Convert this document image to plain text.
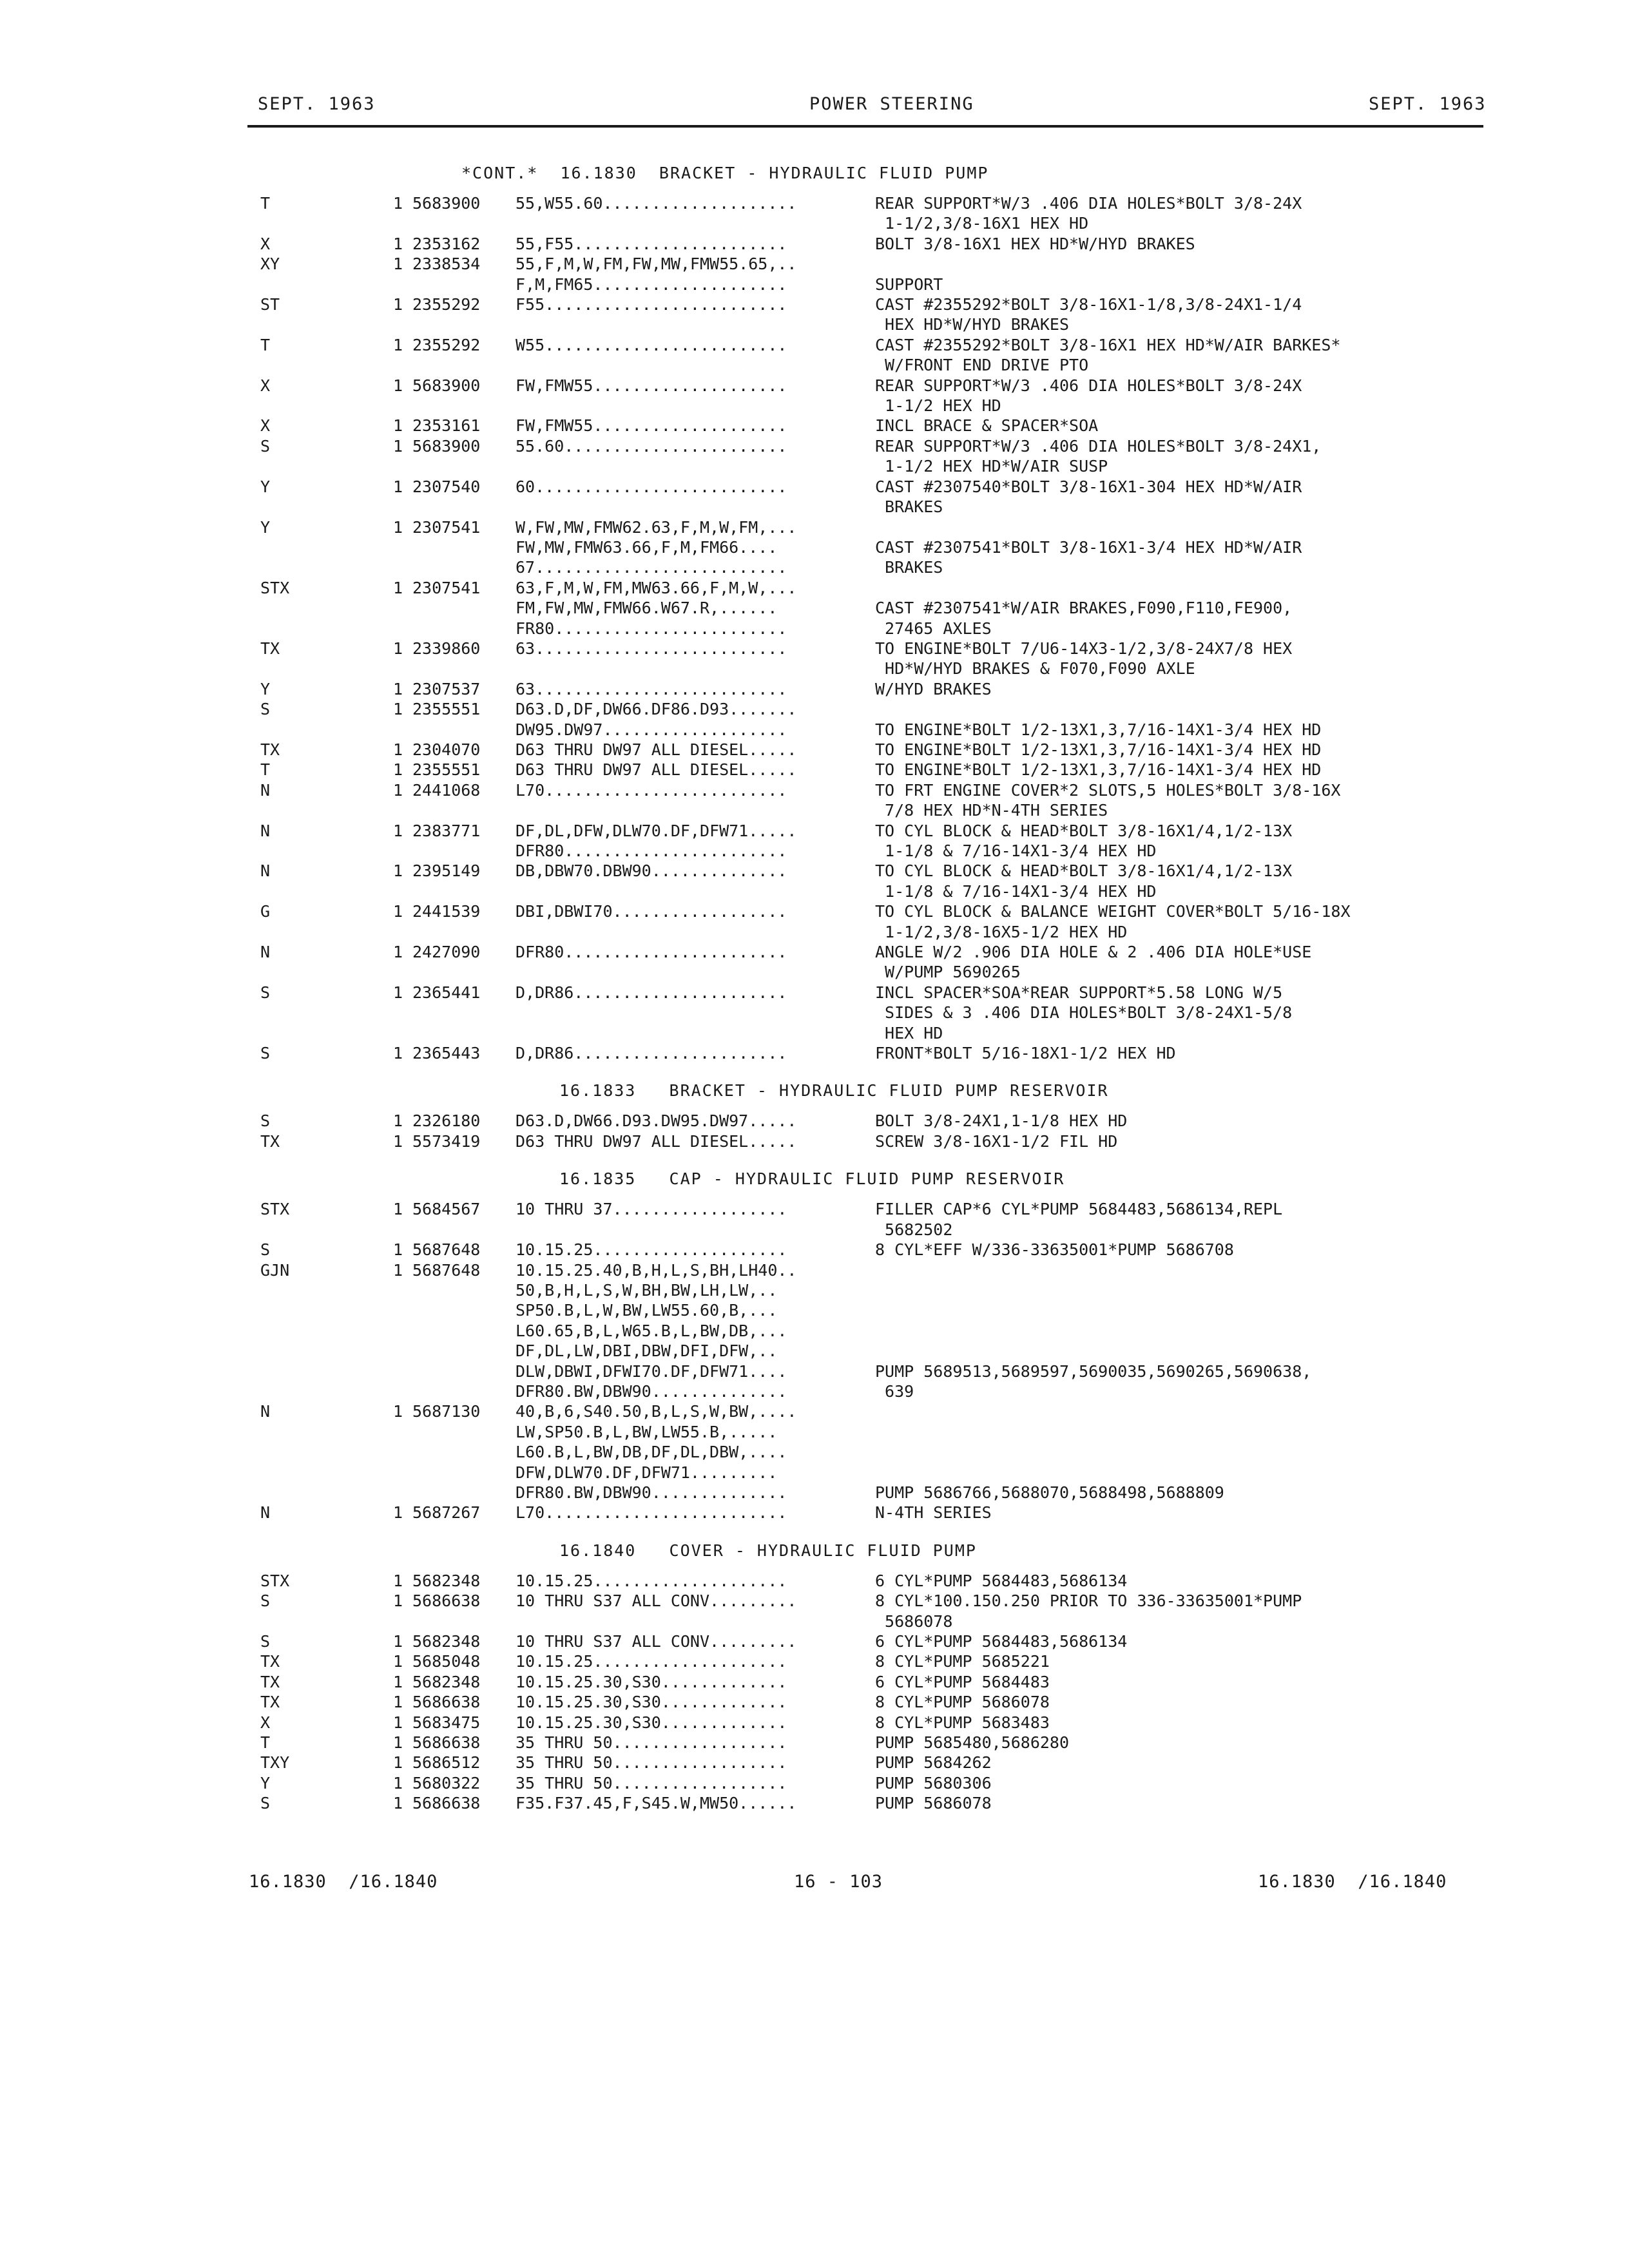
SEPT. 1963	POWER STEERING	SEPT. 1963
*CONT.*  16.1830  BRACKET - HYDRAULIC FLUID PUMP
T	1 5683900	55,W55.60....................	REAR SUPPORT*W/3 .406 DIA HOLES*BOLT 3/8-24X
1-1/2,3/8-16X1 HEX HD
X	1 2353162	55,F55......................	BOLT 3/8-16X1 HEX HD*W/HYD BRAKES
XY	1 2338534	55,F,M,W,FM,FW,MW,FMW55.65,..
F,M,FM65....................	SUPPORT
ST	1 2355292	F55.........................	CAST #2355292*BOLT 3/8-16X1-1/8,3/8-24X1-1/4
HEX HD*W/HYD BRAKES
T	1 2355292	W55.........................	CAST #2355292*BOLT 3/8-16X1 HEX HD*W/AIR BARKES*
W/FRONT END DRIVE PTO
X	1 5683900	FW,FMW55....................	REAR SUPPORT*W/3 .406 DIA HOLES*BOLT 3/8-24X
1-1/2 HEX HD
X	1 2353161	FW,FMW55....................	INCL BRACE & SPACER*SOA
S	1 5683900	55.60.......................	REAR SUPPORT*W/3 .406 DIA HOLES*BOLT 3/8-24X1,
1-1/2 HEX HD*W/AIR SUSP
Y	1 2307540	60..........................	CAST #2307540*BOLT 3/8-16X1-304 HEX HD*W/AIR
BRAKES
Y	1 2307541	W,FW,MW,FMW62.63,F,M,W,FM,...
FW,MW,FMW63.66,F,M,FM66....	CAST #2307541*BOLT 3/8-16X1-3/4 HEX HD*W/AIR
67..........................	BRAKES
STX	1 2307541	63,F,M,W,FM,MW63.66,F,M,W,...
FM,FW,MW,FMW66.W67.R,......	CAST #2307541*W/AIR BRAKES,F090,F110,FE900,
FR80........................	27465 AXLES
TX	1 2339860	63..........................	TO ENGINE*BOLT 7/U6-14X3-1/2,3/8-24X7/8 HEX
HD*W/HYD BRAKES & F070,F090 AXLE
Y	1 2307537	63..........................	W/HYD BRAKES
S	1 2355551	D63.D,DF,DW66.DF86.D93.......
DW95.DW97...................	TO ENGINE*BOLT 1/2-13X1,3,7/16-14X1-3/4 HEX HD
TX	1 2304070	D63 THRU DW97 ALL DIESEL.....	TO ENGINE*BOLT 1/2-13X1,3,7/16-14X1-3/4 HEX HD
T	1 2355551	D63 THRU DW97 ALL DIESEL.....	TO ENGINE*BOLT 1/2-13X1,3,7/16-14X1-3/4 HEX HD
N	1 2441068	L70.........................	TO FRT ENGINE COVER*2 SLOTS,5 HOLES*BOLT 3/8-16X
7/8 HEX HD*N-4TH SERIES
N	1 2383771	DF,DL,DFW,DLW70.DF,DFW71.....	TO CYL BLOCK & HEAD*BOLT 3/8-16X1/4,1/2-13X
DFR80.......................	1-1/8 & 7/16-14X1-3/4 HEX HD
N	1 2395149	DB,DBW70.DBW90..............	TO CYL BLOCK & HEAD*BOLT 3/8-16X1/4,1/2-13X
1-1/8 & 7/16-14X1-3/4 HEX HD
G	1 2441539	DBI,DBWI70..................	TO CYL BLOCK & BALANCE WEIGHT COVER*BOLT 5/16-18X
1-1/2,3/8-16X5-1/2 HEX HD
N	1 2427090	DFR80.......................	ANGLE W/2 .906 DIA HOLE & 2 .406 DIA HOLE*USE
W/PUMP 5690265
S	1 2365441	D,DR86......................	INCL SPACER*SOA*REAR SUPPORT*5.58 LONG W/5
SIDES & 3 .406 DIA HOLES*BOLT 3/8-24X1-5/8
HEX HD
S	1 2365443	D,DR86......................	FRONT*BOLT 5/16-18X1-1/2 HEX HD
16.1833   BRACKET - HYDRAULIC FLUID PUMP RESERVOIR
S	1 2326180	D63.D,DW66.D93.DW95.DW97.....	BOLT 3/8-24X1,1-1/8 HEX HD
TX	1 5573419	D63 THRU DW97 ALL DIESEL.....	SCREW 3/8-16X1-1/2 FIL HD
16.1835   CAP - HYDRAULIC FLUID PUMP RESERVOIR
STX	1 5684567	10 THRU 37..................	FILLER CAP*6 CYL*PUMP 5684483,5686134,REPL
5682502
S	1 5687648	10.15.25....................	8 CYL*EFF W/336-33635001*PUMP 5686708
GJN	1 5687648	10.15.25.40,B,H,L,S,BH,LH40..
50,B,H,L,S,W,BH,BW,LH,LW,..
SP50.B,L,W,BW,LW55.60,B,...
L60.65,B,L,W65.B,L,BW,DB,...
DF,DL,LW,DBI,DBW,DFI,DFW,..
DLW,DBWI,DFWI70.DF,DFW71....	PUMP 5689513,5689597,5690035,5690265,5690638,
DFR80.BW,DBW90..............	639
N	1 5687130	40,B,6,S40.50,B,L,S,W,BW,....
LW,SP50.B,L,BW,LW55.B,.....
L60.B,L,BW,DB,DF,DL,DBW,....
DFW,DLW70.DF,DFW71.........
DFR80.BW,DBW90..............	PUMP 5686766,5688070,5688498,5688809
N	1 5687267	L70.........................	N-4TH SERIES
16.1840   COVER - HYDRAULIC FLUID PUMP
STX	1 5682348	10.15.25....................	6 CYL*PUMP 5684483,5686134
S	1 5686638	10 THRU S37 ALL CONV.........	8 CYL*100.150.250 PRIOR TO 336-33635001*PUMP
5686078
S	1 5682348	10 THRU S37 ALL CONV.........	6 CYL*PUMP 5684483,5686134
TX	1 5685048	10.15.25....................	8 CYL*PUMP 5685221
TX	1 5682348	10.15.25.30,S30.............	6 CYL*PUMP 5684483
TX	1 5686638	10.15.25.30,S30.............	8 CYL*PUMP 5686078
X	1 5683475	10.15.25.30,S30.............	8 CYL*PUMP 5683483
T	1 5686638	35 THRU 50..................	PUMP 5685480,5686280
TXY	1 5686512	35 THRU 50..................	PUMP 5684262
Y	1 5680322	35 THRU 50..................	PUMP 5680306
S	1 5686638	F35.F37.45,F,S45.W,MW50......	PUMP 5686078
16.1830  /16.1840	16 - 103	16.1830  /16.1840
